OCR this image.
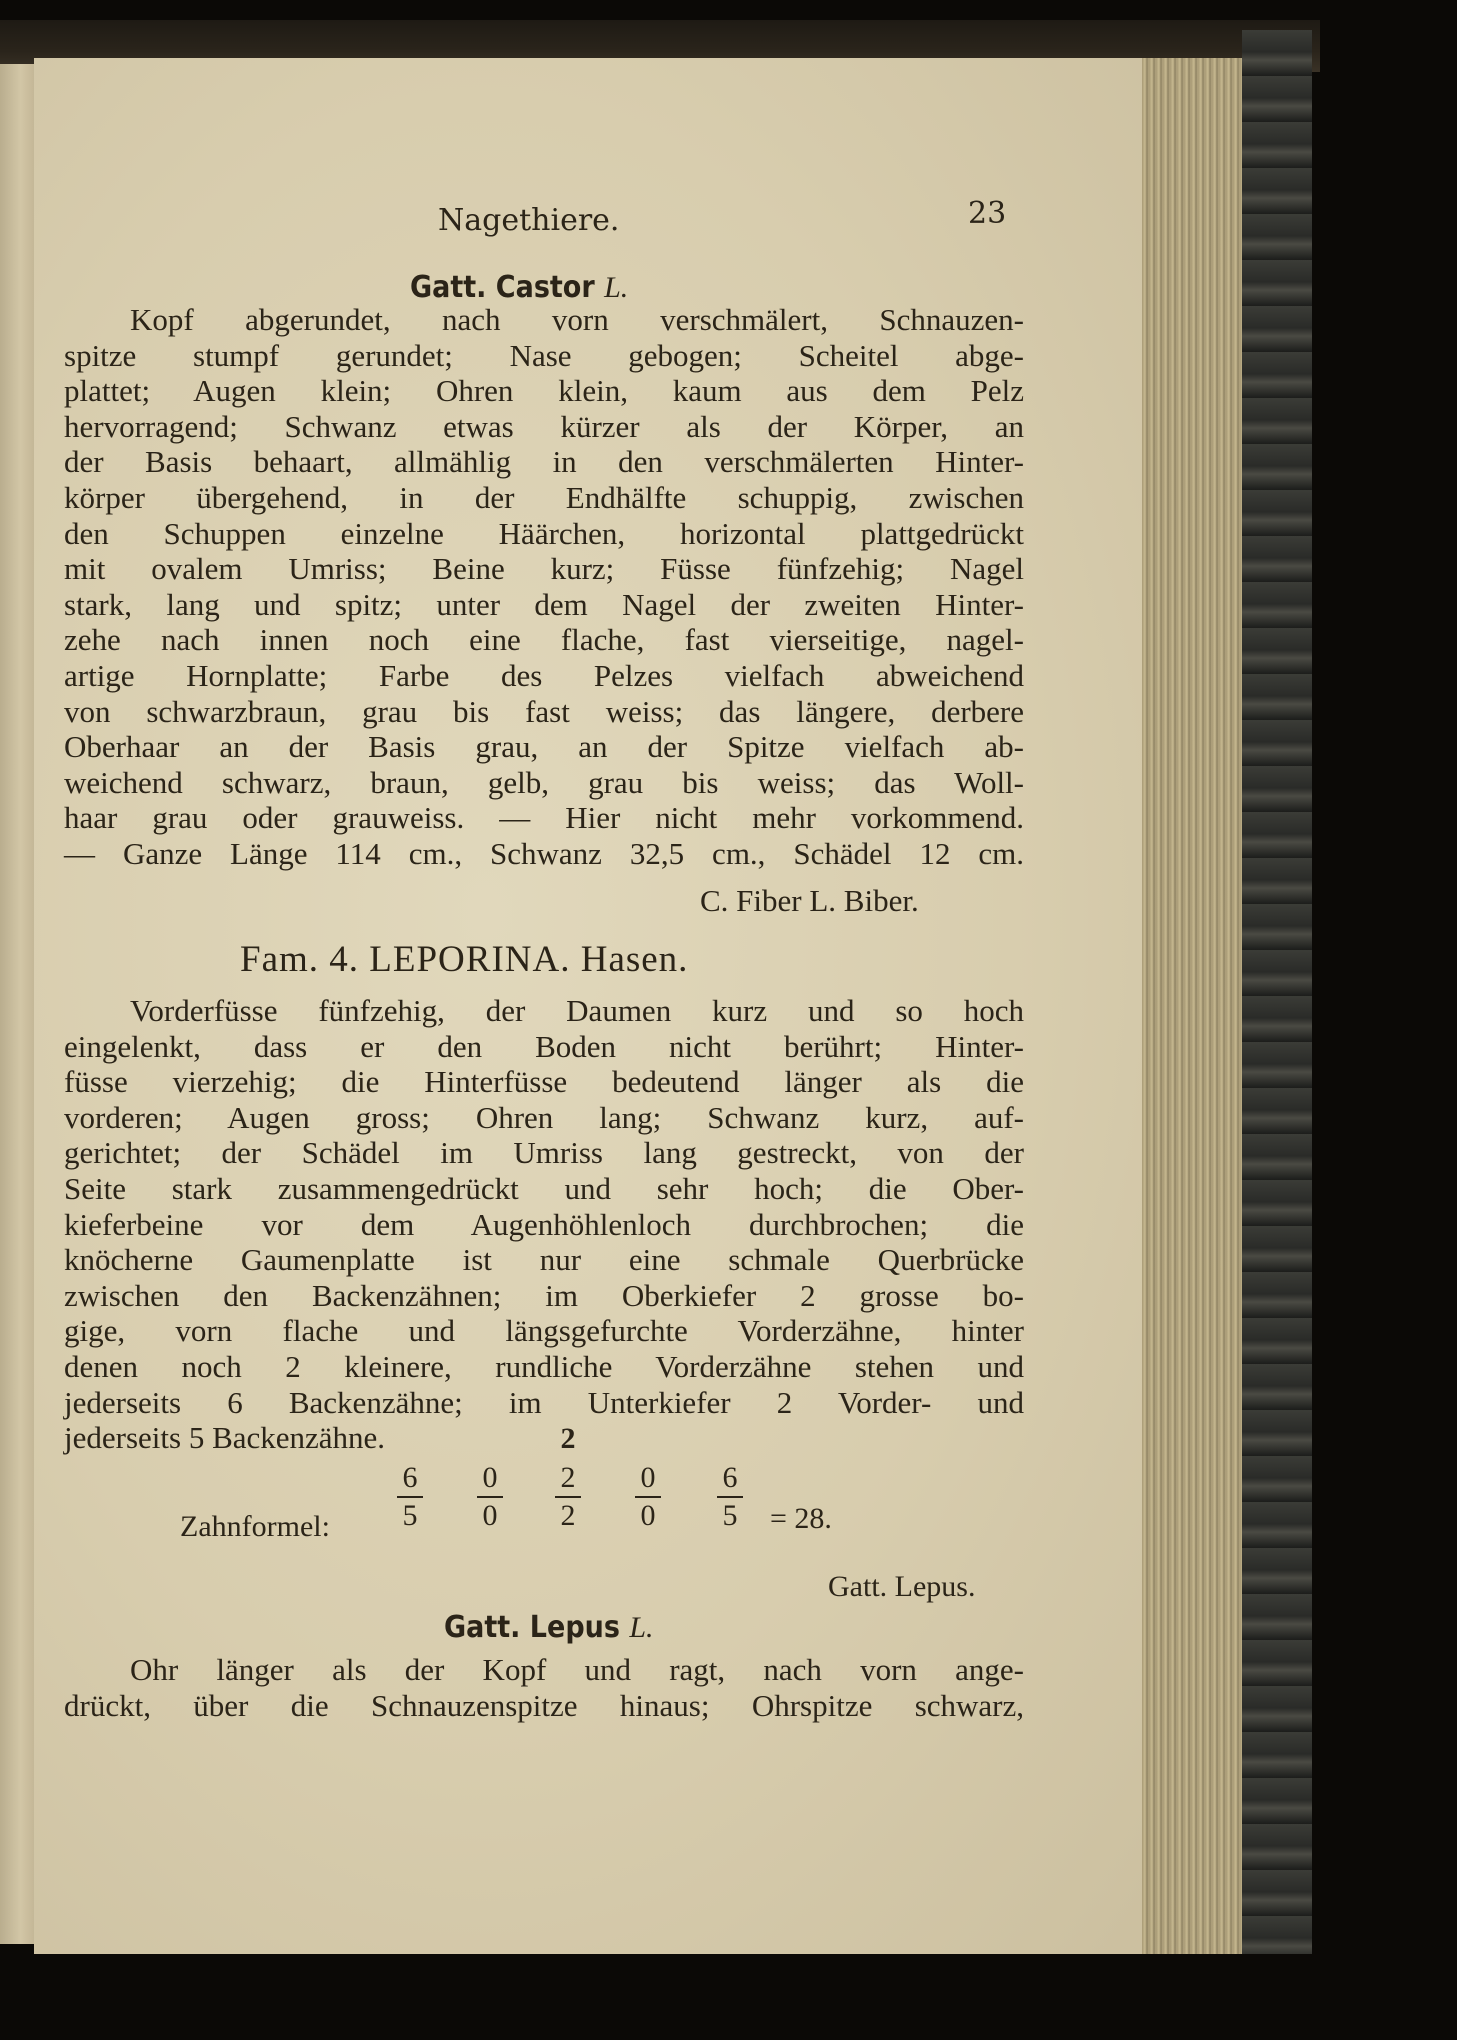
Nagethiere.	23
Gatt. Castor L.
Kopf abgerundet, nach vorn verschmälert, Schnauzen-
spitze stumpf gerundet; Nase gebogen; Scheitel abge-
plattet; Augen klein; Ohren klein, kaum aus dem Pelz
hervorragend; Schwanz etwas kürzer als der Körper, an
der Basis behaart, allmählig in den verschmälerten Hinter-
körper übergehend, in der Endhälfte schuppig, zwischen
den Schuppen einzelne Häärchen, horizontal plattgedrückt
mit ovalem Umriss; Beine kurz; Füsse fünfzehig; Nagel
stark, lang und spitz; unter dem Nagel der zweiten Hinter-
zehe nach innen noch eine flache, fast vierseitige, nagel-
artige Hornplatte; Farbe des Pelzes vielfach abweichend
von schwarzbraun, grau bis fast weiss; das längere, derbere
Oberhaar an der Basis grau, an der Spitze vielfach ab-
weichend schwarz, braun, gelb, grau bis weiss; das Woll-
haar grau oder grauweiss. — Hier nicht mehr vorkommend.
— Ganze Länge 114 cm., Schwanz 32,5 cm., Schädel 12 cm.
C. Fiber L. Biber.
Fam. 4. LEPORINA. Hasen.
Vorderfüsse fünfzehig, der Daumen kurz und so hoch
eingelenkt, dass er den Boden nicht berührt; Hinter-
füsse vierzehig; die Hinterfüsse bedeutend länger als die
vorderen; Augen gross; Ohren lang; Schwanz kurz, auf-
gerichtet; der Schädel im Umriss lang gestreckt, von der
Seite stark zusammengedrückt und sehr hoch; die Ober-
kieferbeine vor dem Augenhöhlenloch durchbrochen; die
knöcherne Gaumenplatte ist nur eine schmale Querbrücke
zwischen den Backenzähnen; im Oberkiefer 2 grosse bo-
gige, vorn flache und längsgefurchte Vorderzähne, hinter
denen noch 2 kleinere, rundliche Vorderzähne stehen und
jederseits 6 Backenzähne; im Unterkiefer 2 Vorder- und
jederseits 5 Backenzähne.
Zahnformel:
6
5
0
0
2
2
2
0
0
6
5	= 28.
Gatt. Lepus.
Gatt. Lepus L.
Ohr länger als der Kopf und ragt, nach vorn ange-
drückt, über die Schnauzenspitze hinaus; Ohrspitze schwarz,
